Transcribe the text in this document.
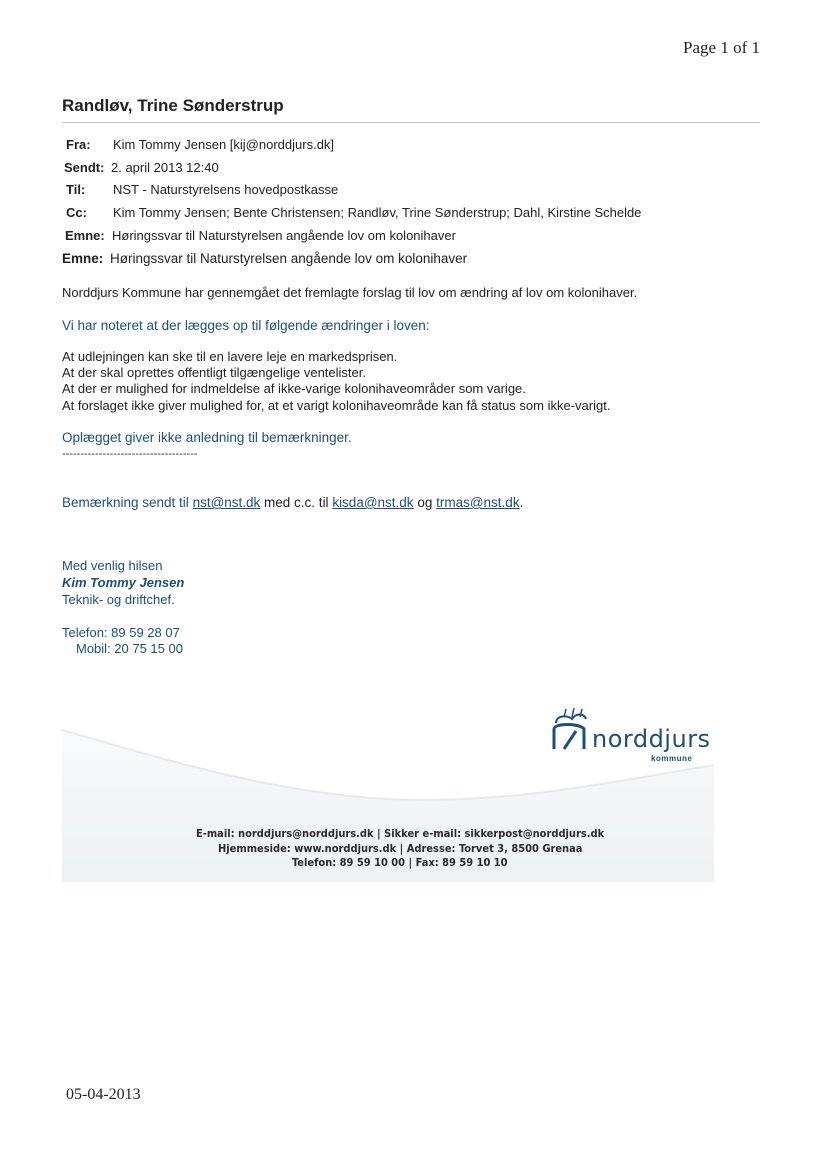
Page 1 of 1
Randløv, Trine Sønderstrup
Fra: Kim Tommy Jensen [kij@norddjurs.dk]
Sendt: 2. april 2013 12:40
Til: NST - Naturstyrelsens hovedpostkasse
Cc: Kim Tommy Jensen; Bente Christensen; Randløv, Trine Sønderstrup; Dahl, Kirstine Schelde
Emne: Høringssvar til Naturstyrelsen angående lov om kolonihaver
Emne: Høringssvar til Naturstyrelsen angående lov om kolonihaver
Norddjurs Kommune har gennemgået det fremlagte forslag til lov om ændring af lov om kolonihaver.
Vi har noteret at der lægges op til følgende ændringer i loven:
At udlejningen kan ske til en lavere leje en markedsprisen.
At der skal oprettes offentligt tilgængelige ventelister.
At der er mulighed for indmeldelse af ikke-varige kolonihaveområder som varige.
At forslaget ikke giver mulighed for, at et varigt kolonihaveområde kan få status som ikke-varigt.
Oplægget giver ikke anledning til bemærkninger.
-------------------------------------
Bemærkning sendt til nst@nst.dk med c.c. til kisda@nst.dk og trmas@nst.dk.
Med venlig hilsen
Kim Tommy Jensen
Teknik- og driftchef.
Telefon: 89 59 28 07
Mobil: 20 75 15 00
norddjurs
kommune
E-mail: norddjurs@norddjurs.dk | Sikker e-mail: sikkerpost@norddjurs.dk
Hjemmeside: www.norddjurs.dk | Adresse: Torvet 3, 8500 Grenaa
Telefon: 89 59 10 00 | Fax: 89 59 10 10
05-04-2013
